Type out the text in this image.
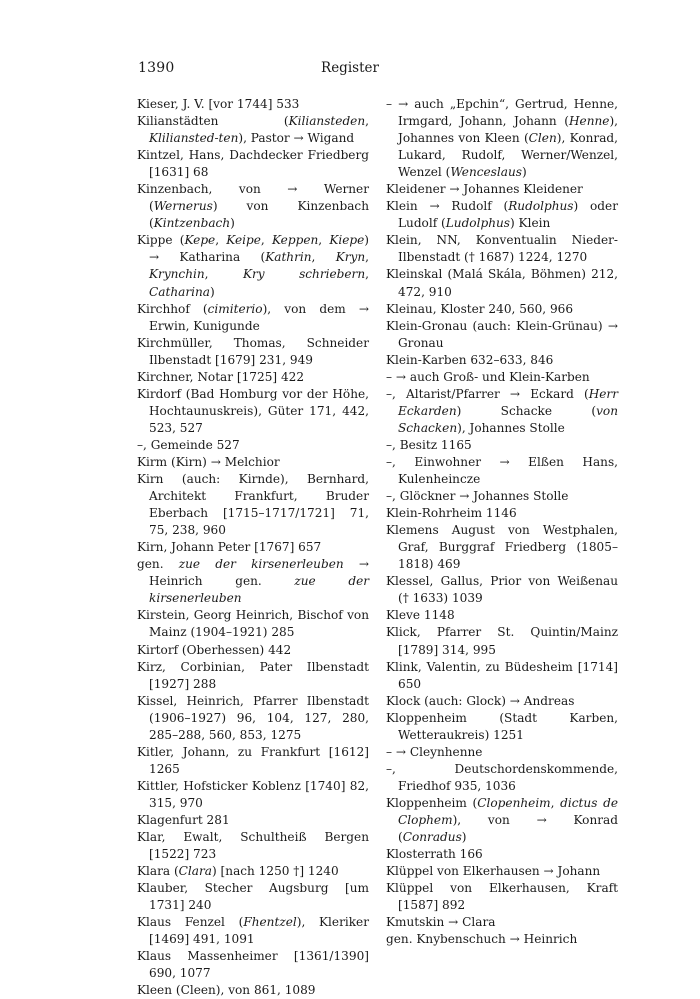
1390	Register

Kieser, J. V. [vor 1744] 533

Kilianstädten (Kiliansteden, Kliliansted-ten), Pastor → Wigand

Kintzel, Hans, Dachdecker Friedberg [1631] 68

Kinzenbach, von → Werner (Wernerus) von Kinzenbach (Kintzenbach)

Kippe (Kepe, Keipe, Keppen, Kiepe) → Katharina (Kathrin, Kryn, Krynchin, Kry schriebern, Catharina)

Kirchhof (cimiterio), von dem → Erwin, Kunigunde

Kirchmüller, Thomas, Schneider Ilbenstadt [1679] 231, 949

Kirchner, Notar [1725] 422

Kirdorf (Bad Homburg vor der Höhe, Hochtaunuskreis), Güter 171, 442, 523, 527

–, Gemeinde 527

Kirm (Kirn) → Melchior

Kirn (auch: Kirnde), Bernhard, Architekt Frankfurt, Bruder Eberbach [1715–1717/1721] 71, 75, 238, 960

Kirn, Johann Peter [1767] 657

gen. zue der kirsenerleuben → Heinrich gen. zue der kirsenerleuben

Kirstein, Georg Heinrich, Bischof von Mainz (1904–1921) 285

Kirtorf (Oberhessen) 442

Kirz, Corbinian, Pater Ilbenstadt [1927] 288

Kissel, Heinrich, Pfarrer Ilbenstadt (1906–1927) 96, 104, 127, 280, 285–288, 560, 853, 1275

Kitler, Johann, zu Frankfurt [1612] 1265

Kittler, Hofsticker Koblenz [1740] 82, 315, 970

Klagenfurt 281

Klar, Ewalt, Schultheiß Bergen [1522] 723

Klara (Clara) [nach 1250 †] 1240

Klauber, Stecher Augsburg [um 1731] 240

Klaus Fenzel (Fhentzel), Kleriker [1469] 491, 1091

Klaus Massenheimer [1361/1390] 690, 1077

Kleen (Cleen), von 861, 1089

– → auch „Epchin“, Gertrud, Henne, Irmgard, Johann, Johann (Henne), Johannes von Kleen (Clen), Konrad, Lukard, Rudolf, Werner/Wenzel, Wenzel (Wenceslaus)

Kleidener → Johannes Kleidener

Klein → Rudolf (Rudolphus) oder Ludolf (Ludolphus) Klein

Klein, NN, Konventualin Nieder-Ilbenstadt († 1687) 1224, 1270

Kleinskal (Malá Skála, Böhmen) 212, 472, 910

Kleinau, Kloster 240, 560, 966

Klein-Gronau (auch: Klein-Grünau) → Gronau

Klein-Karben 632–633, 846

– → auch Groß- und Klein-Karben

–, Altarist/Pfarrer → Eckard (Herr Eckarden) Schacke (von Schacken), Johannes Stolle

–, Besitz 1165

–, Einwohner → Elßen Hans, Kulenheincze

–, Glöckner → Johannes Stolle

Klein-Rohrheim 1146

Klemens August von Westphalen, Graf, Burggraf Friedberg (1805–1818) 469

Klessel, Gallus, Prior von Weißenau († 1633) 1039

Kleve 1148

Klick, Pfarrer St. Quintin/Mainz [1789] 314, 995

Klink, Valentin, zu Büdesheim [1714] 650

Klock (auch: Glock) → Andreas

Kloppenheim (Stadt Karben, Wetteraukreis) 1251

– → Cleynhenne

–, Deutschordenskommende, Friedhof 935, 1036

Kloppenheim (Clopenheim, dictus de Clophem), von → Konrad (Conradus)

Klosterrath 166

Klüppel von Elkerhausen → Johann

Klüppel von Elkerhausen, Kraft [1587] 892

Kmutskin → Clara

gen. Knybenschuch → Heinrich
